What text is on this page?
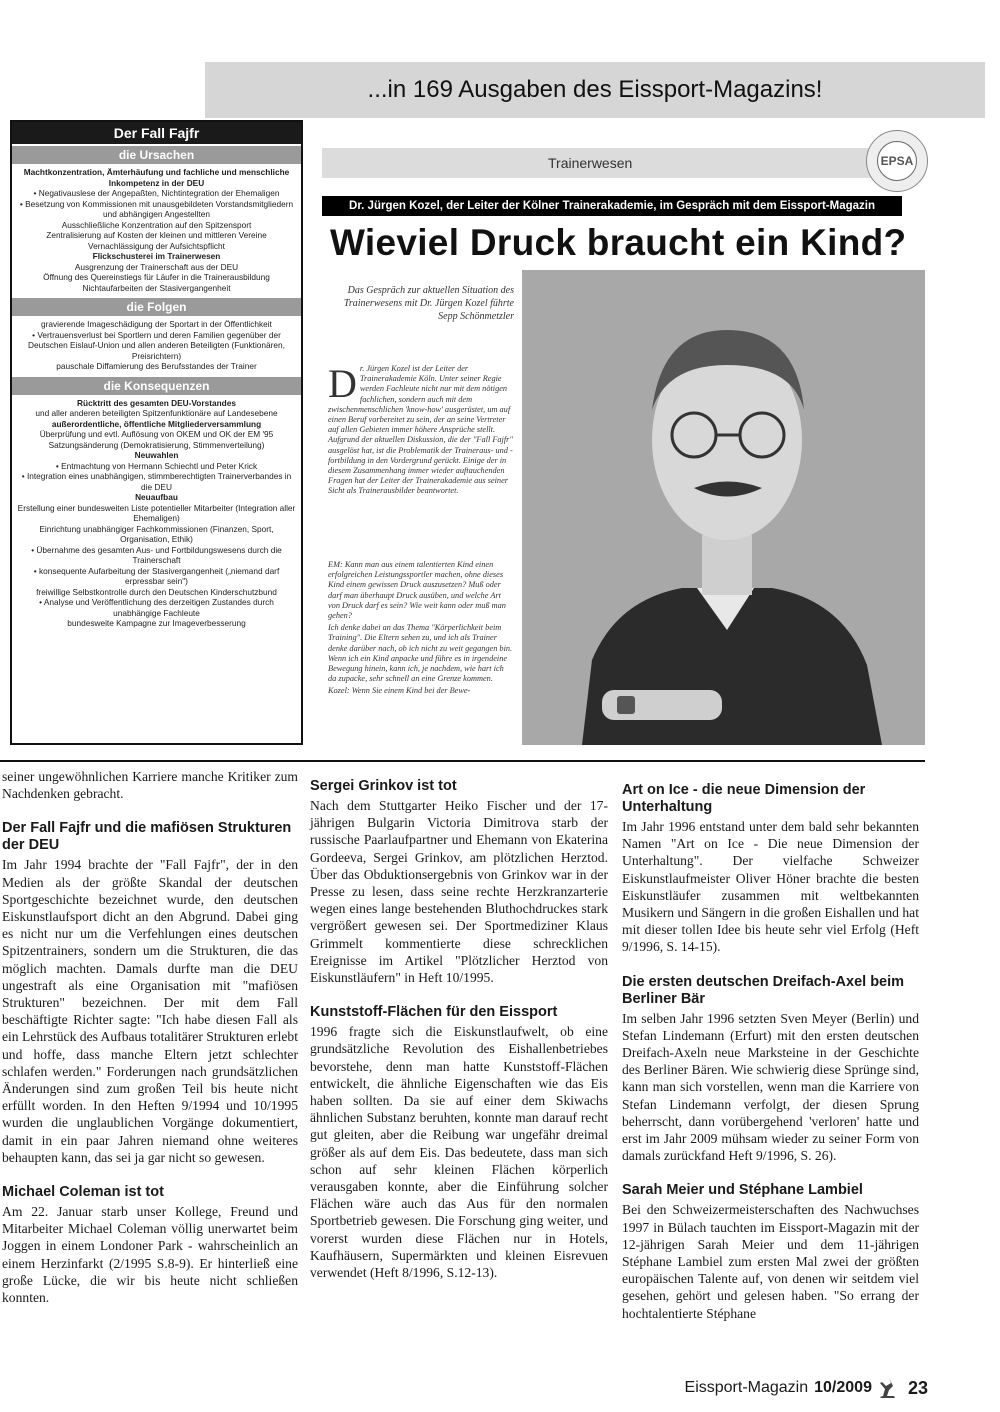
...in 169 Ausgaben des Eissport-Magazins!
Der Fall Fajfr
die Ursachen
Machtkonzentration, Ämterhäufung und fachliche und menschliche Inkompetenz in der DEU
• Negativauslese der Angepaßten, Nichtintegration der Ehemaligen
• Besetzung von Kommissionen mit unausgebildeten Vorstandsmitgliedern und abhängigen Angestellten
Ausschließliche Konzentration auf den Spitzensport
Zentralisierung auf Kosten der kleinen und mittleren Vereine
Vernachlässigung der Aufsichtspflicht
Flickschusterei im Trainerwesen
Ausgrenzung der Trainerschaft aus der DEU
Öffnung des Quereinstiegs für Läufer in die Trainerausbildung
Nichtaufarbeiten der Stasivergangenheit
die Folgen
gravierende Imageschädigung der Sportart in der Öffentlichkeit
• Vertrauensverlust bei Sportlern und deren Familien gegenüber der Deutschen Eislauf-Union und allen anderen Beteiligten (Funktionären, Preisrichtern)
pauschale Diffamierung des Berufsstandes der Trainer
die Konsequenzen
Rücktritt des gesamten DEU-Vorstandes
und aller anderen beteiligten Spitzenfunktionäre auf Landesebene
außerordentliche, öffentliche Mitgliederversammlung
Überprüfung und evtl. Auflösung von OKEM und OK der EM '95
Satzungsänderung (Demokratisierung, Stimmenverteilung)
Neuwahlen
• Entmachtung von Hermann Schiechtl und Peter Krick
• Integration eines unabhängigen, stimmberechtigten Trainerverbandes in die DEU
Neuaufbau
Erstellung einer bundesweiten Liste potentieller Mitarbeiter (Integration aller Ehemaligen)
Einrichtung unabhängiger Fachkommissionen (Finanzen, Sport, Organisation, Ethik)
• Übernahme des gesamten Aus- und Fortbildungswesens durch die Trainerschaft
• konsequente Aufarbeitung der Stasivergangenheit („niemand darf erpressbar sein")
freiwillige Selbstkontrolle durch den Deutschen Kinderschutzbund
• Analyse und Veröffentlichung des derzeitigen Zustandes durch unabhängige Fachleute
bundesweite Kampagne zur Imageverbesserung
Trainerwesen	EPSA
Dr. Jürgen Kozel, der Leiter der Kölner Trainerakademie, im Gespräch mit dem Eissport-Magazin
Wieviel Druck braucht ein Kind?
Das Gespräch zur aktuellen Situation des Trainerwesens mit Dr. Jürgen Kozel führte Sepp Schönmetzler
Dr. Jürgen Kozel ist der Leiter der Trainerakademie Köln. Unter seiner Regie werden Fachleute nicht nur mit dem nötigen fachlichen, sondern auch mit dem zwischenmenschlichen 'know-how' ausgerüstet, um auf einen Beruf vorbereitet zu sein, der an seine Vertreter auf allen Gebieten immer höhere Ansprüche stellt. Aufgrund der aktuellen Diskussion, die der "Fall Fajfr" ausgelöst hat, ist die Problematik der Traineraus- und -fortbildung in den Vordergrund gerückt. Einige der in diesem Zusammenhang immer wieder auftauchenden Fragen hat der Leiter der Trainerakademie aus seiner Sicht als Trainerausbilder beantwortet.

EM: Kann man aus einem talentierten Kind einen erfolgreichen Leistungssportler machen, ohne dieses Kind einem gewissen Druck auszusetzen? Muß oder darf man überhaupt Druck ausüben, und welche Art von Druck darf es sein? Wie weit kann oder muß man gehen?

Ich denke dabei an das Thema "Körperlichkeit beim Training". Die Eltern sehen zu, und ich als Trainer denke darüber nach, ob ich nicht zu weit gegangen bin. Wenn ich ein Kind anpacke und führe es in irgendeine Bewegung hinein, kann ich, je nachdem, wie hart ich da zupacke, sehr schnell an eine Grenze kommen.

Kozel: Wenn Sie einem Kind bei der Bewe-

seiner ungewöhnlichen Karriere manche Kritiker zum Nachdenken gebracht.

Der Fall Fajfr und die mafiösen Strukturen der DEU

Im Jahr 1994 brachte der "Fall Fajfr", der in den Medien als der größte Skandal der deutschen Sportgeschichte bezeichnet wurde, den deutschen Eiskunstlaufsport dicht an den Abgrund. Dabei ging es nicht nur um die Verfehlungen eines deutschen Spitzentrainers, sondern um die Strukturen, die das möglich machten. Damals durfte man die DEU ungestraft als eine Organisation mit "mafiösen Strukturen" bezeichnen. Der mit dem Fall beschäftigte Richter sagte: "Ich habe diesen Fall als ein Lehrstück des Aufbaus totalitärer Strukturen erlebt und hoffe, dass manche Eltern jetzt schlechter schlafen werden." Forderungen nach grundsätzlichen Änderungen sind zum großen Teil bis heute nicht erfüllt worden. In den Heften 9/1994 und 10/1995 wurden die unglaublichen Vorgänge dokumentiert, damit in ein paar Jahren niemand ohne weiteres behaupten kann, das sei ja gar nicht so gewesen.

Michael Coleman ist tot

Am 22. Januar starb unser Kollege, Freund und Mitarbeiter Michael Coleman völlig unerwartet beim Joggen in einem Londoner Park - wahrscheinlich an einem Herzinfarkt (2/1995 S.8-9). Er hinterließ eine große Lücke, die wir bis heute nicht schließen konnten.

Sergei Grinkov ist tot

Nach dem Stuttgarter Heiko Fischer und der 17-jährigen Bulgarin Victoria Dimitrova starb der russische Paarlaufpartner und Ehemann von Ekaterina Gordeeva, Sergei Grinkov, am plötzlichen Herztod. Über das Obduktionsergebnis von Grinkov war in der Presse zu lesen, dass seine rechte Herzkranzarterie wegen eines lange bestehenden Bluthochdruckes stark vergrößert gewesen sei. Der Sportmediziner Klaus Grimmelt kommentierte diese schrecklichen Ereignisse im Artikel "Plötzlicher Herztod von Eiskunstläufern" in Heft 10/1995.

Kunststoff-Flächen für den Eissport

1996 fragte sich die Eiskunstlaufwelt, ob eine grundsätzliche Revolution des Eishallenbetriebes bevorstehe, denn man hatte Kunststoff-Flächen entwickelt, die ähnliche Eigenschaften wie das Eis haben sollten. Da sie auf einer dem Skiwachs ähnlichen Substanz beruhten, konnte man darauf recht gut gleiten, aber die Reibung war ungefähr dreimal größer als auf dem Eis. Das bedeutete, dass man sich schon auf sehr kleinen Flächen körperlich verausgaben konnte, aber die Einführung solcher Flächen wäre auch das Aus für den normalen Sportbetrieb gewesen. Die Forschung ging weiter, und vorerst wurden diese Flächen nur in Hotels, Kaufhäusern, Supermärkten und kleinen Eisrevuen verwendet (Heft 8/1996, S.12-13).

Art on Ice - die neue Dimension der Unterhaltung

Im Jahr 1996 entstand unter dem bald sehr bekannten Namen "Art on Ice - Die neue Dimension der Unterhaltung". Der vielfache Schweizer Eiskunstlaufmeister Oliver Höner brachte die besten Eiskunstläufer zusammen mit weltbekannten Musikern und Sängern in die großen Eishallen und hat mit dieser tollen Idee bis heute sehr viel Erfolg (Heft 9/1996, S. 14-15).

Die ersten deutschen Dreifach-Axel beim Berliner Bär

Im selben Jahr 1996 setzten Sven Meyer (Berlin) und Stefan Lindemann (Erfurt) mit den ersten deutschen Dreifach-Axeln neue Marksteine in der Geschichte des Berliner Bären. Wie schwierig diese Sprünge sind, kann man sich vorstellen, wenn man die Karriere von Stefan Lindemann verfolgt, der diesen Sprung beherrscht, dann vorübergehend 'verloren' hatte und erst im Jahr 2009 mühsam wieder zu seiner Form von damals zurückfand Heft 9/1996, S. 26).

Sarah Meier und Stéphane Lambiel

Bei den Schweizermeisterschaften des Nachwuchses 1997 in Bülach tauchten im Eissport-Magazin mit der 12-jährigen Sarah Meier und dem 11-jährigen Stéphane Lambiel zum ersten Mal zwei der größten europäischen Talente auf, von denen wir seitdem viel gesehen, gehört und gelesen haben. "So errang der hochtalentierte Stéphane

Eissport-Magazin 10/2009 23
